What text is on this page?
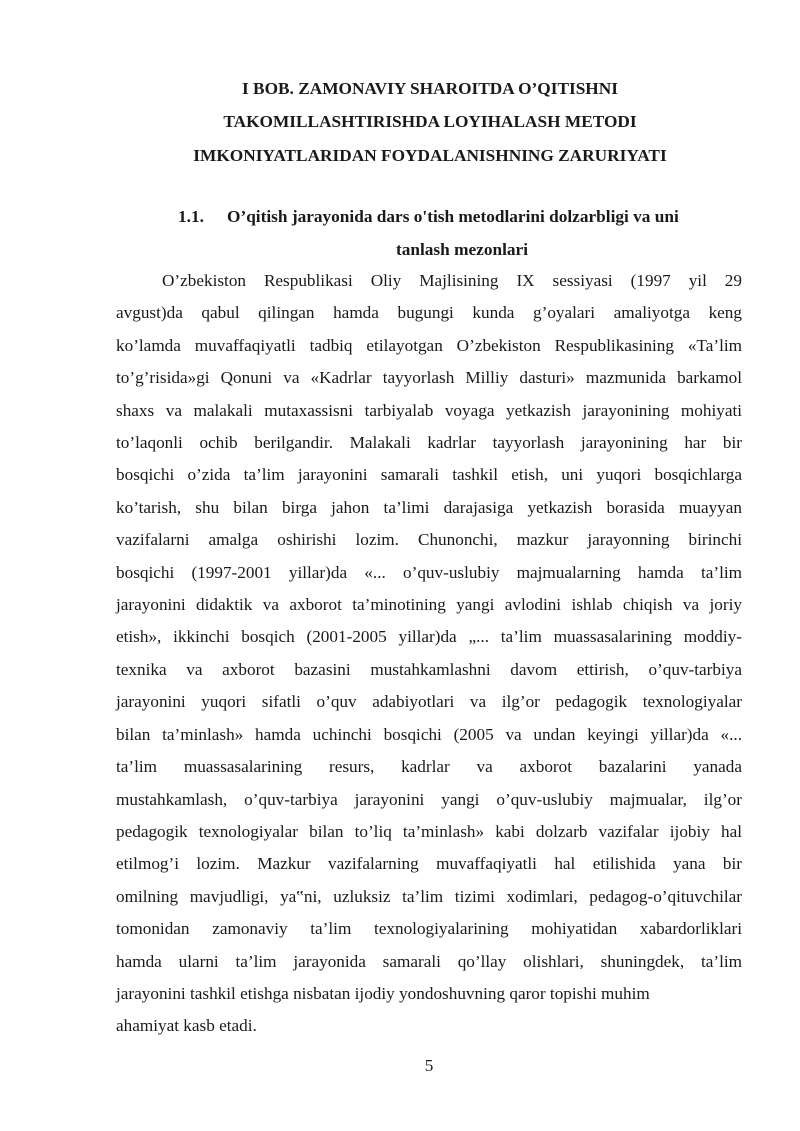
I BOB. ZAMONAVIY SHAROITDA O’QITISHNI
TAKOMILLASHTIRISHDA LOYIHALASH METODI
IMKONIYATLARIDAN FOYDALANISHNING ZARURIYATI
1.1. O’qitish jarayonida dars o'tish metodlarini dolzarbligi va uni
tanlash mezonlari

O’zbekiston Respublikasi Oliy Majlisining IX sessiyasi (1997 yil 29
avgust)da qabul qilingan hamda bugungi kunda g’oyalari amaliyotga keng
ko’lamda muvaffaqiyatli tadbiq etilayotgan O’zbekiston Respublikasining «Ta’lim
to’g’risida»gi Qonuni va «Kadrlar tayyorlash Milliy dasturi» mazmunida barkamol
shaxs va malakali mutaxassisni tarbiyalab voyaga yetkazish jarayonining mohiyati
to’laqonli ochib berilgandir. Malakali kadrlar tayyorlash jarayonining har bir
bosqichi o’zida ta’lim jarayonini samarali tashkil etish, uni yuqori bosqichlarga
ko’tarish, shu bilan birga jahon ta’limi darajasiga yetkazish borasida muayyan
vazifalarni amalga oshirishi lozim. Chunonchi, mazkur jarayonning birinchi
bosqichi (1997-2001 yillar)da «... o’quv-uslubiy majmualarning hamda ta’lim
jarayonini didaktik va axborot ta’minotining yangi avlodini ishlab chiqish va joriy
etish», ikkinchi bosqich (2001-2005 yillar)da „... ta’lim muassasalarining moddiy-
texnika va axborot bazasini mustahkamlashni davom ettirish, o’quv-tarbiya
jarayonini yuqori sifatli o’quv adabiyotlari va ilg’or pedagogik texnologiyalar
bilan ta’minlash» hamda uchinchi bosqichi (2005 va undan keyingi yillar)da «...
ta’lim muassasalarining resurs, kadrlar va axborot bazalarini yanada
mustahkamlash, o’quv-tarbiya jarayonini yangi o’quv-uslubiy majmualar, ilg’or
pedagogik texnologiyalar bilan to’liq ta’minlash» kabi dolzarb vazifalar ijobiy hal
etilmog’i lozim. Mazkur vazifalarning muvaffaqiyatli hal etilishida yana bir
omilning mavjudligi, ya‟ni, uzluksiz ta’lim tizimi xodimlari, pedagog-o’qituvchilar
tomonidan zamonaviy ta’lim texnologiyalarining mohiyatidan xabardorliklari
hamda ularni ta’lim jarayonida samarali qo’llay olishlari, shuningdek, ta’lim
jarayonini tashkil etishga nisbatan ijodiy yondoshuvning qaror topishi muhim
ahamiyat kasb etadi.

5
